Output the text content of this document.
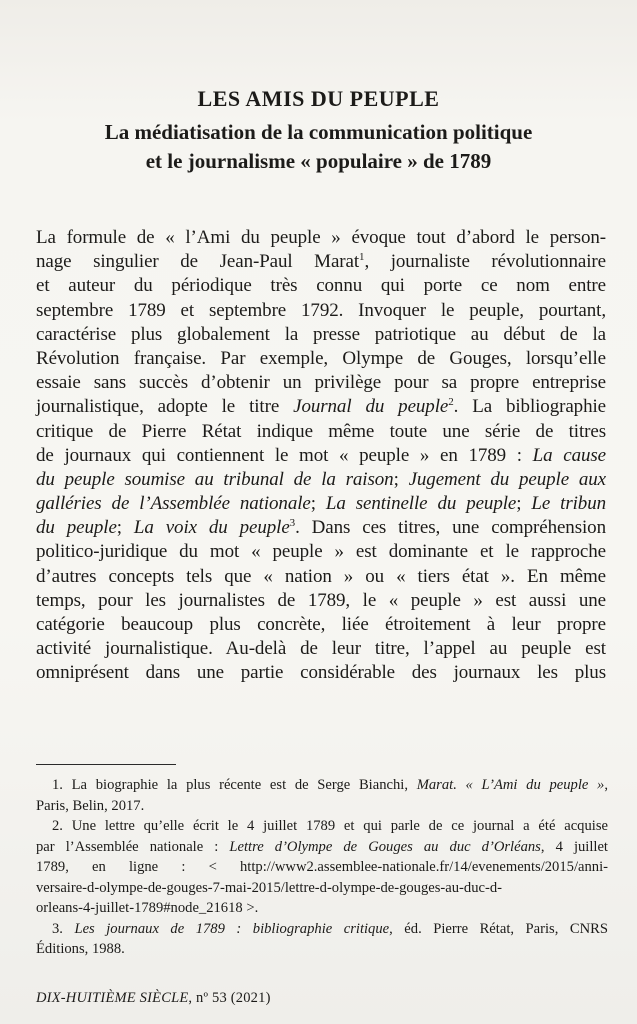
LES AMIS DU PEUPLE
La médiatisation de la communication politique
et le journalisme « populaire » de 1789
La formule de « l’Ami du peuple » évoque tout d’abord le person-
nage singulier de Jean-Paul Marat$^1$, journaliste révolutionnaire
et auteur du périodique très connu qui porte ce nom entre
septembre 1789 et septembre 1792. Invoquer le peuple, pourtant,
caractérise plus globalement la presse patriotique au début de la
Révolution française. Par exemple, Olympe de Gouges, lorsqu’elle
essaie sans succès d’obtenir un privilège pour sa propre entreprise
journalistique, adopte le titre Journal du peuple$^2$. La bibliographie
critique de Pierre Rétat indique même toute une série de titres
de journaux qui contiennent le mot « peuple » en 1789 : La cause
du peuple soumise au tribunal de la raison; Jugement du peuple aux
galléries de l’Assemblée nationale; La sentinelle du peuple; Le tribun
du peuple; La voix du peuple$^3$. Dans ces titres, une compréhension
politico-juridique du mot « peuple » est dominante et le rapproche
d’autres concepts tels que « nation » ou « tiers état ». En même
temps, pour les journalistes de 1789, le « peuple » est aussi une
catégorie beaucoup plus concrète, liée étroitement à leur propre
activité journalistique. Au-delà de leur titre, l’appel au peuple est
omniprésent dans une partie considérable des journaux les plus
1. La biographie la plus récente est de Serge Bianchi, Marat. « L’Ami du peuple »,
Paris, Belin, 2017.
2. Une lettre qu’elle écrit le 4 juillet 1789 et qui parle de ce journal a été acquise
par l’Assemblée nationale : Lettre d’Olympe de Gouges au duc d’Orléans, 4 juillet
1789, en ligne : < http://www2.assemblee-nationale.fr/14/evenements/2015/anni-
versaire-d-olympe-de-gouges-7-mai-2015/lettre-d-olympe-de-gouges-au-duc-d-
orleans-4-juillet-1789#node_21618 >.
3. Les journaux de 1789 : bibliographie critique, éd. Pierre Rétat, Paris, CNRS
Éditions, 1988.
DIX-HUITIÈME SIÈCLE, nº 53 (2021)
